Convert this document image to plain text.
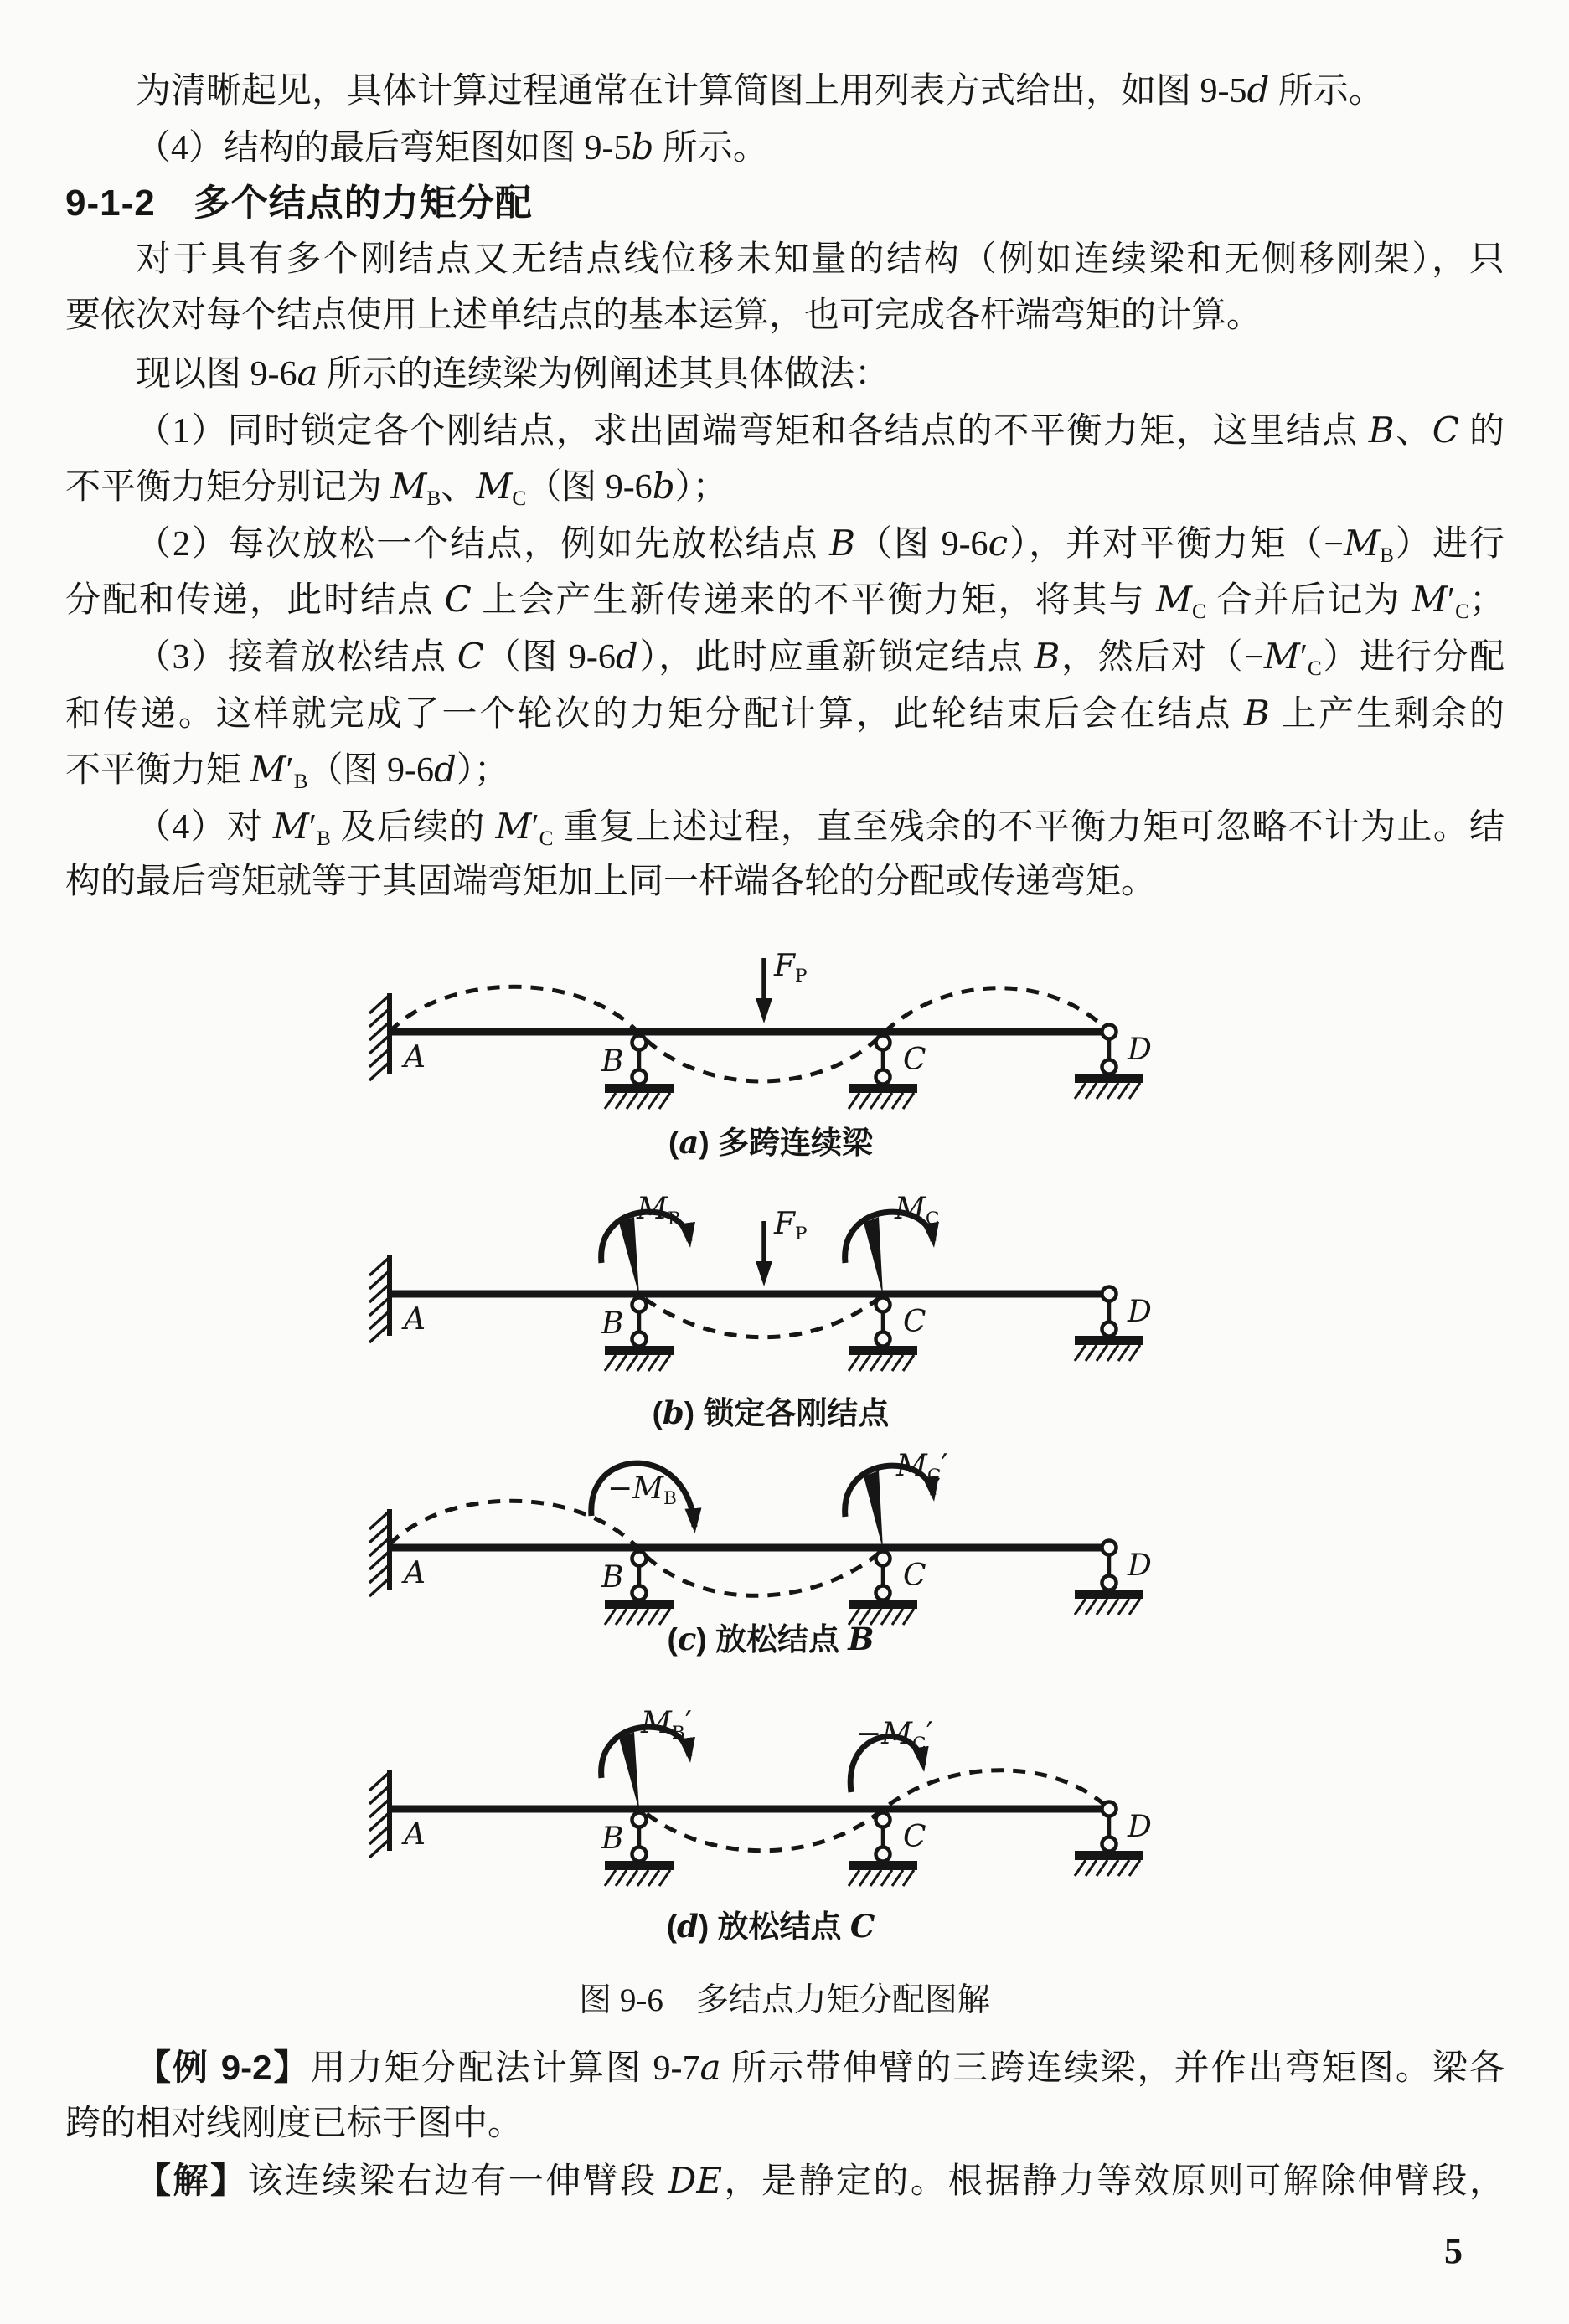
为清晰起见，具体计算过程通常在计算简图上用列表方式给出，如图 9-5d 所示。
（4）结构的最后弯矩图如图 9-5b 所示。
9-1-2　多个结点的力矩分配
对于具有多个刚结点又无结点线位移未知量的结构（例如连续梁和无侧移刚架），只
要依次对每个结点使用上述单结点的基本运算，也可完成各杆端弯矩的计算。
现以图 9-6a 所示的连续梁为例阐述其具体做法：
（1）同时锁定各个刚结点，求出固端弯矩和各结点的不平衡力矩，这里结点 B、C 的
不平衡力矩分别记为 $M_B$、$M_C$（图 9-6b）；
（2）每次放松一个结点，例如先放松结点 B（图 9-6c），并对平衡力矩$(-M_B)$进行
分配和传递，此时结点 C 上会产生新传递来的不平衡力矩，将其与 $M_C$ 合并后记为 $M'_C$；
（3）接着放松结点 C（图 9-6d），此时应重新锁定结点 B，然后对$(-M'_C)$进行分配
和传递。这样就完成了一个轮次的力矩分配计算，此轮结束后会在结点 B 上产生剩余的
不平衡力矩 $M'_B$（图 9-6d）；
（4）对 $M'_B$ 及后续的 $M'_C$ 重复上述过程，直至残余的不平衡力矩可忽略不计为止。结
构的最后弯矩就等于其固端弯矩加上同一杆端各轮的分配或传递弯矩。
$F_P$
A	B	C	D
(a) 多跨连续梁
$F_P$
$M_B$	$M_C$
A	B	C	D
(b) 锁定各刚结点
$-M_B$
$M_C'$
A	B	C	D
(c) 放松结点 B
$M_B'$	$-M_C'$
A	B	C	D
(d) 放松结点 C
图 9-6　多结点力矩分配图解
【例 9-2】用力矩分配法计算图 9-7a 所示带伸臂的三跨连续梁，并作出弯矩图。梁各
跨的相对线刚度已标于图中。
【解】该连续梁右边有一伸臂段 DE，是静定的。根据静力等效原则可解除伸臂段，
5
